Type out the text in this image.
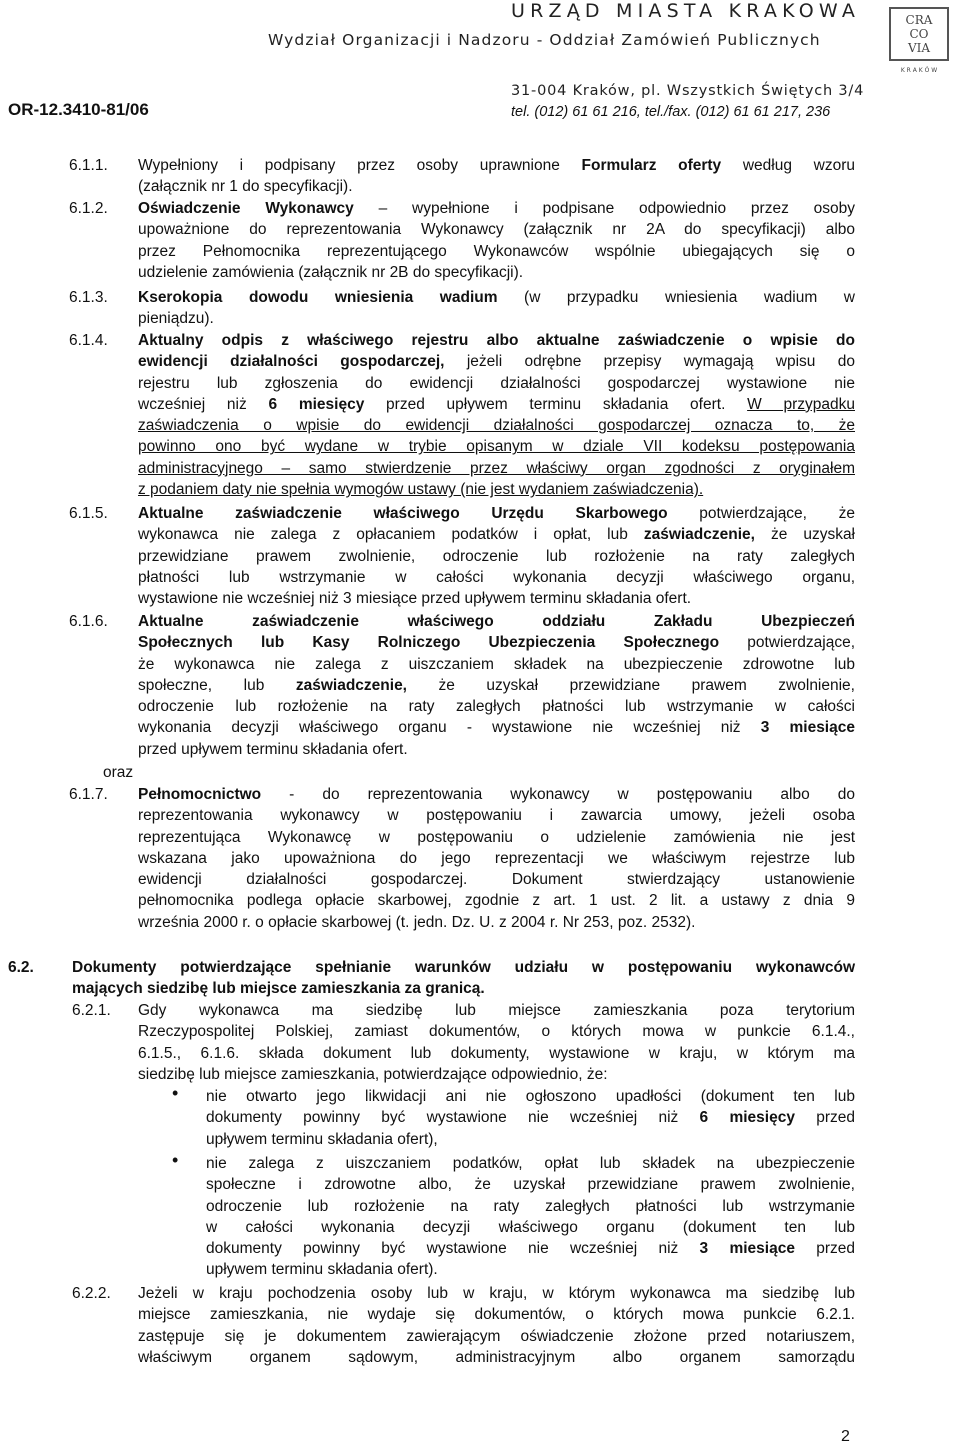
URZĄD MIASTA KRAKOWA
Wydział Organizacji i Nadzoru - Oddział Zamówień Publicznych
31-004 Kraków, pl. Wszystkich Świętych 3/4
OR-12.3410-81/06	tel. (012) 61 61 216, tel./fax. (012) 61 61 217, 236
CRA
CO
VIA
K R A K Ó W
6.1.1. Wypełniony i podpisany przez osoby uprawnione Formularz oferty według wzoru
(załącznik nr 1 do specyfikacji).
6.1.2. Oświadczenie Wykonawcy – wypełnione i podpisane odpowiednio przez osoby
upoważnione do reprezentowania Wykonawcy (załącznik nr 2A do specyfikacji) albo
przez Pełnomocnika reprezentującego Wykonawców wspólnie ubiegających się o
udzielenie zamówienia (załącznik nr 2B do specyfikacji).
6.1.3. Kserokopia dowodu wniesienia wadium (w przypadku wniesienia wadium w
pieniądzu).
6.1.4. Aktualny odpis z właściwego rejestru albo aktualne zaświadczenie o wpisie do
ewidencji działalności gospodarczej, jeżeli odrębne przepisy wymagają wpisu do
rejestru lub zgłoszenia do ewidencji działalności gospodarczej wystawione nie
wcześniej niż 6 miesięcy przed upływem terminu składania ofert. W przypadku
zaświadczenia o wpisie do ewidencji działalności gospodarczej oznacza to, że
powinno ono być wydane w trybie opisanym w dziale VII kodeksu postępowania
administracyjnego – samo stwierdzenie przez właściwy organ zgodności z oryginałem
z podaniem daty nie spełnia wymogów ustawy (nie jest wydaniem zaświadczenia).
6.1.5. Aktualne zaświadczenie właściwego Urzędu Skarbowego potwierdzające, że
wykonawca nie zalega z opłacaniem podatków i opłat, lub zaświadczenie, że uzyskał
przewidziane prawem zwolnienie, odroczenie lub rozłożenie na raty zaległych
płatności lub wstrzymanie w całości wykonania decyzji właściwego organu,
wystawione nie wcześniej niż 3 miesiące przed upływem terminu składania ofert.
6.1.6. Aktualne zaświadczenie właściwego oddziału Zakładu Ubezpieczeń
Społecznych lub Kasy Rolniczego Ubezpieczenia Społecznego potwierdzające,
że wykonawca nie zalega z uiszczaniem składek na ubezpieczenie zdrowotne lub
społeczne, lub zaświadczenie, że uzyskał przewidziane prawem zwolnienie,
odroczenie lub rozłożenie na raty zaległych płatności lub wstrzymanie w całości
wykonania decyzji właściwego organu - wystawione nie wcześniej niż 3 miesiące
przed upływem terminu składania ofert.
oraz
6.1.7. Pełnomocnictwo - do reprezentowania wykonawcy w postępowaniu albo do
reprezentowania wykonawcy w postępowaniu i zawarcia umowy, jeżeli osoba
reprezentująca Wykonawcę w postępowaniu o udzielenie zamówienia nie jest
wskazana jako upoważniona do jego reprezentacji we właściwym rejestrze lub
ewidencji działalności gospodarczej. Dokument stwierdzający ustanowienie
pełnomocnika podlega opłacie skarbowej, zgodnie z art. 1 ust. 2 lit. a ustawy z dnia 9
września 2000 r. o opłacie skarbowej (t. jedn. Dz. U. z 2004 r. Nr 253, poz. 2532).
6.2. Dokumenty potwierdzające spełnianie warunków udziału w postępowaniu wykonawców
mających siedzibę lub miejsce zamieszkania za granicą.
6.2.1. Gdy wykonawca ma siedzibę lub miejsce zamieszkania poza terytorium
Rzeczypospolitej Polskiej, zamiast dokumentów, o których mowa w punkcie 6.1.4.,
6.1.5., 6.1.6. składa dokument lub dokumenty, wystawione w kraju, w którym ma
siedzibę lub miejsce zamieszkania, potwierdzające odpowiednio, że:
• nie otwarto jego likwidacji ani nie ogłoszono upadłości (dokument ten lub
dokumenty powinny być wystawione nie wcześniej niż 6 miesięcy przed
upływem terminu składania ofert),
• nie zalega z uiszczaniem podatków, opłat lub składek na ubezpieczenie
społeczne i zdrowotne albo, że uzyskał przewidziane prawem zwolnienie,
odroczenie lub rozłożenie na raty zaległych płatności lub wstrzymanie
w całości wykonania decyzji właściwego organu (dokument ten lub
dokumenty powinny być wystawione nie wcześniej niż 3 miesiące przed
upływem terminu składania ofert).
6.2.2. Jeżeli w kraju pochodzenia osoby lub w kraju, w którym wykonawca ma siedzibę lub
miejsce zamieszkania, nie wydaje się dokumentów, o których mowa punkcie 6.2.1.
zastępuje się je dokumentem zawierającym oświadczenie złożone przed notariuszem,
właściwym organem sądowym, administracyjnym albo organem samorządu
2
